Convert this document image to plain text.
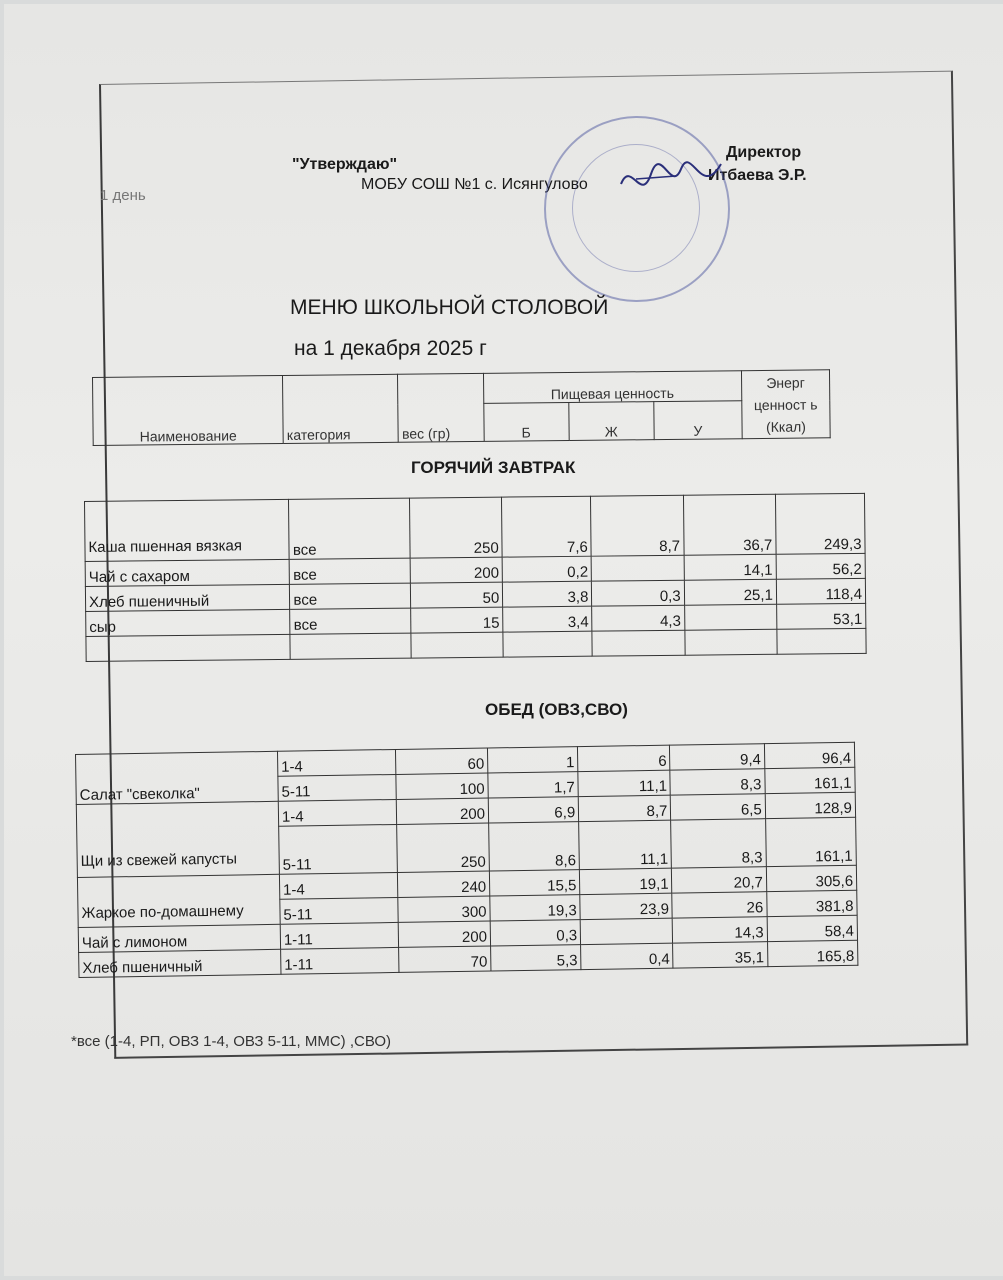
1 день
"Утверждаю"
МОБУ СОШ №1 с. Исянгулово
Директор
Итбаева Э.Р.
МЕНЮ ШКОЛЬНОЙ СТОЛОВОЙ
на 1 декабря 2025 г
Наименование	категория	вес (гр)	Пищевая ценность			Энерг ценност ь (Ккал)
			Б	Ж	У	
ГОРЯЧИЙ ЗАВТРАК
Каша пшенная вязкая	все	250	7,6	8,7	36,7	249,3
Чай с сахаром	все	200	0,2		14,1	56,2
Хлеб пшеничный	все	50	3,8	0,3	25,1	118,4
сыр	все	15	3,4	4,3		53,1

ОБЕД (ОВЗ,СВО)
Салат "свеколка"	1-4	60	1	6	9,4	96,4
	5-11	100	1,7	11,1	8,3	161,1
Щи из свежей капусты	1-4	200	6,9	8,7	6,5	128,9
	5-11	250	8,6	11,1	8,3	161,1
Жаркое по-домашнему	1-4	240	15,5	19,1	20,7	305,6
	5-11	300	19,3	23,9	26	381,8
Чай с лимоном	1-11	200	0,3		14,3	58,4
Хлеб пшеничный	1-11	70	5,3	0,4	35,1	165,8
*все (1-4, РП, ОВЗ 1-4, ОВЗ 5-11, ММС) ,СВО)
